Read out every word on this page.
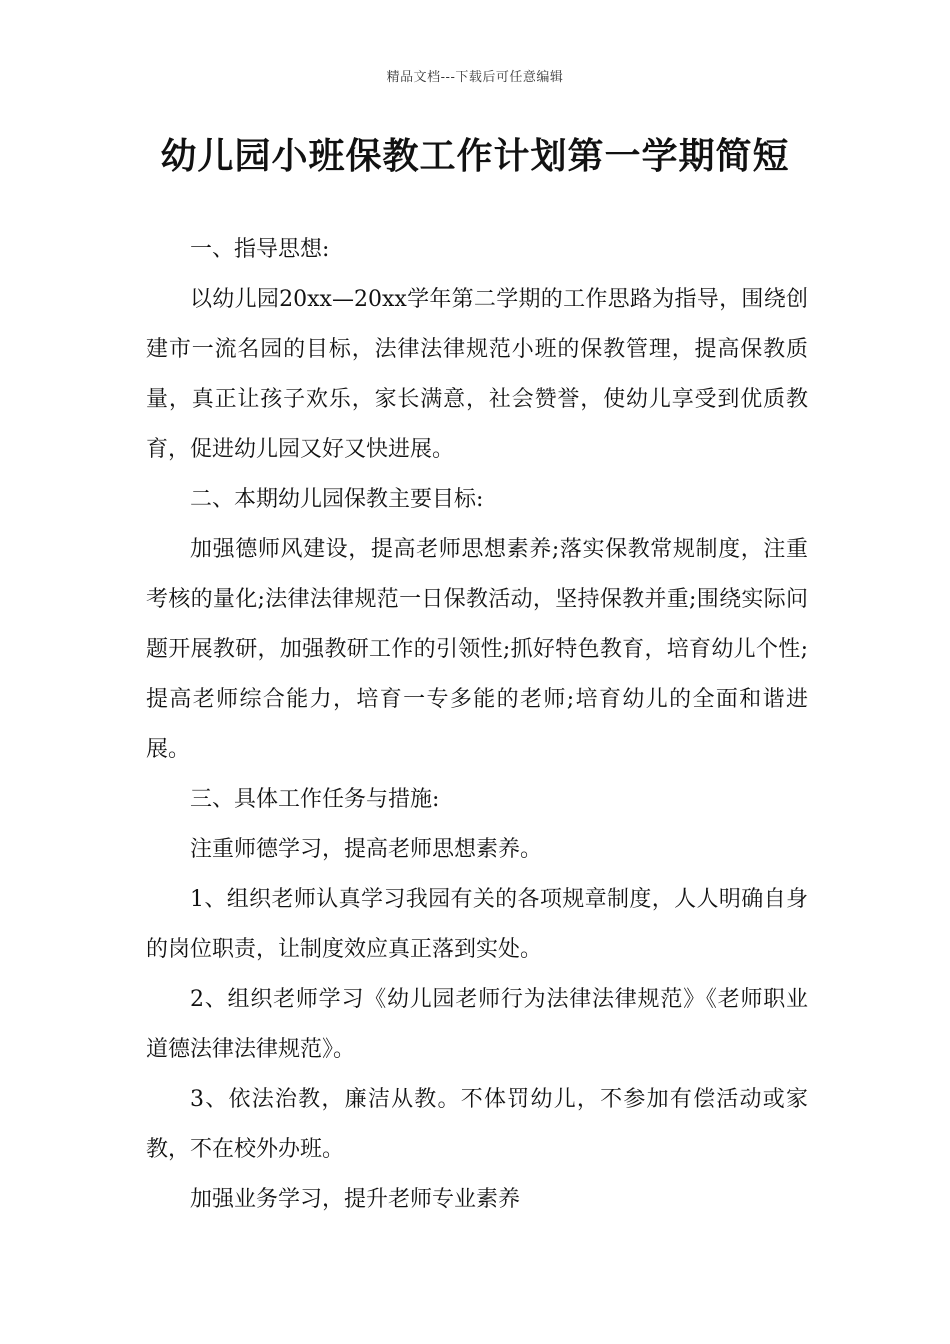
精品文档---下载后可任意编辑
幼儿园小班保教工作计划第一学期简短

一、指导思想:

以幼儿园20xx—20xx学年第二学期的工作思路为指导，围绕创建市一流名园的目标，法律法律规范小班的保教管理，提高保教质量，真正让孩子欢乐，家长满意，社会赞誉，使幼儿享受到优质教育，促进幼儿园又好又快进展。

二、本期幼儿园保教主要目标:

加强德师风建设，提高老师思想素养;落实保教常规制度，注重考核的量化;法律法律规范一日保教活动，坚持保教并重;围绕实际问题开展教研，加强教研工作的引领性;抓好特色教育，培育幼儿个性;提高老师综合能力，培育一专多能的老师;培育幼儿的全面和谐进展。

三、具体工作任务与措施:

注重师德学习，提高老师思想素养。

1、组织老师认真学习我园有关的各项规章制度，人人明确自身的岗位职责，让制度效应真正落到实处。

2、组织老师学习《幼儿园老师行为法律法律规范》《老师职业道德法律法律规范》。

3、依法治教，廉洁从教。不体罚幼儿，不参加有偿活动或家教，不在校外办班。

加强业务学习，提升老师专业素养
